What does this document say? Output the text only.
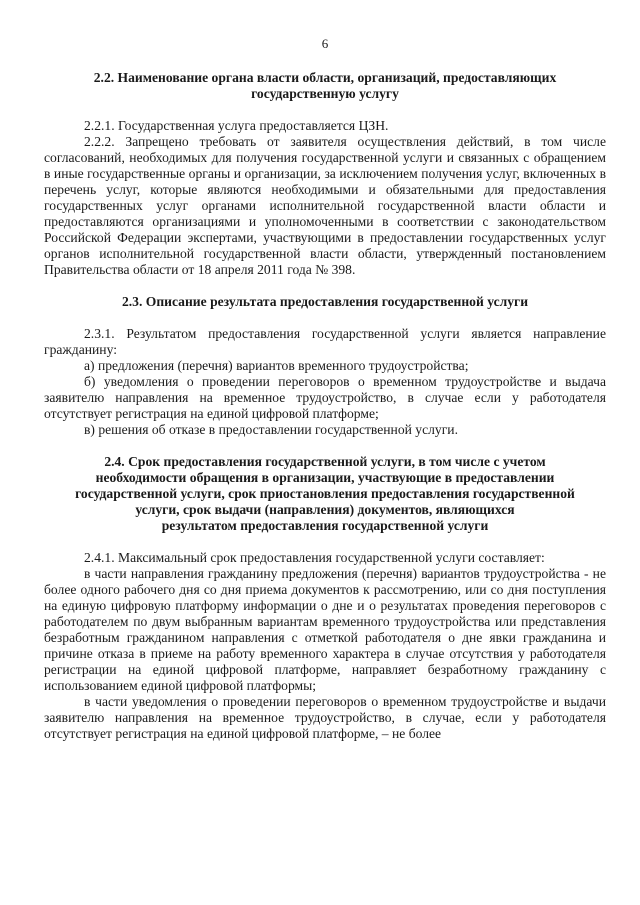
6
2.2. Наименование органа власти области, организаций, предоставляющих
государственную услугу

2.2.1. Государственная услуга предоставляется ЦЗН.

2.2.2. Запрещено требовать от заявителя осуществления действий, в том числе согласований, необходимых для получения государственной услуги и связанных с обращением в иные государственные органы и организации, за исключением получения услуг, включенных в перечень услуг, которые являются необходимыми и обязательными для предоставления государственных услуг органами исполнительной государственной власти области и предоставляются организациями и уполномоченными в соответствии с законодательством Российской Федерации экспертами, участвующими в предоставлении государственных услуг органов исполнительной государственной власти области, утвержденный постановлением Правительства области от 18 апреля 2011 года № 398.

2.3. Описание результата предоставления государственной услуги

2.3.1. Результатом предоставления государственной услуги является направление гражданину:

а) предложения (перечня) вариантов временного трудоустройства;

б) уведомления о проведении переговоров о временном трудоустройстве и выдача заявителю направления на временное трудоустройство, в случае если у работодателя отсутствует регистрация на единой цифровой платформе;

в) решения об отказе в предоставлении государственной услуги.

2.4. Срок предоставления государственной услуги, в том числе с учетом
необходимости обращения в организации, участвующие в предоставлении
государственной услуги, срок приостановления предоставления государственной
услуги, срок выдачи (направления) документов, являющихся
результатом предоставления государственной услуги

2.4.1. Максимальный срок предоставления государственной услуги составляет:

в части направления гражданину предложения (перечня) вариантов трудоустройства - не более одного рабочего дня со дня приема документов к рассмотрению, или со дня поступления на единую цифровую платформу информации о дне и о результатах проведения переговоров с работодателем по двум выбранным вариантам временного трудоустройства или представления безработным гражданином направления с отметкой работодателя о дне явки гражданина и причине отказа в приеме на работу временного характера в случае отсутствия у работодателя регистрации на единой цифровой платформе, направляет безработному гражданину с использованием единой цифровой платформы;

в части уведомления о проведении переговоров о временном трудоустройстве и выдачи заявителю направления на временное трудоустройство, в случае, если у работодателя отсутствует регистрация на единой цифровой платформе, – не более
